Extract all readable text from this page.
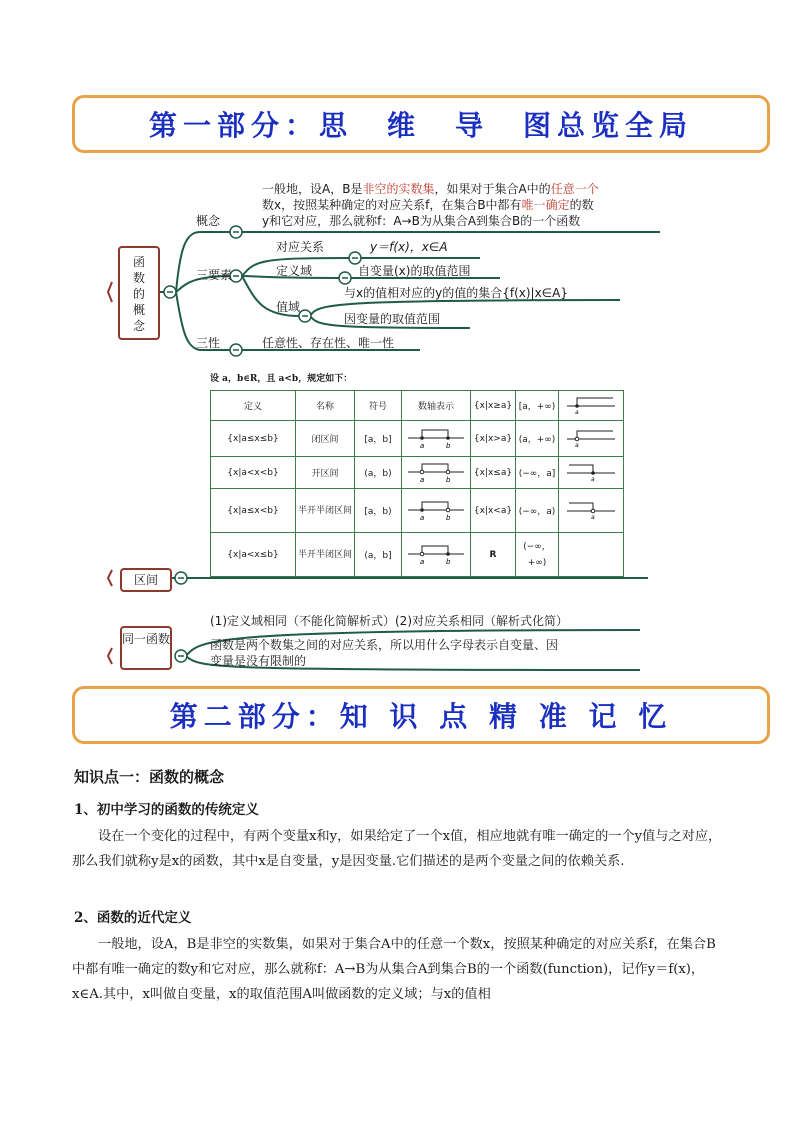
第一部分：思　维　导　图总览全局
函
数
的
概
念
概念
一般地，设A，B是非空的实数集，如果对于集合A中的任意一个
数x，按照某种确定的对应关系f，在集合B中都有唯一确定的数
y和它对应，那么就称f：A→B为从集合A到集合B的一个函数
三要素
对应关系	y＝f(x)，x∈A
定义域	自变量(x)的取值范围
值域
与x的值相对应的y的值的集合{f(x)|x∈A}
因变量的取值范围
三性	任意性、存在性、唯一性
设 a，b∈R，且 a<b，规定如下：
定义	名称	符号	数轴表示	{x|x≥a}	[a，+∞)	a

{x|a≤x≤b}	闭区间	[a，b]	a b	{x|x>a}	(a，+∞)	a

{x|a<x<b}	开区间	(a，b)	a b	{x|x≤a}	(−∞，a]	a

{x|a≤x<b}	半开半闭区间	[a，b)	a b	{x|x<a}	(−∞，a)	a

{x|a<x≤b}	半开半闭区间	(a，b]	a b	R	(−∞，+∞)	
区间
同一函数
(1)定义域相同（不能化简解析式）(2)对应关系相同（解析式化简）
函数是两个数集之间的对应关系，所以用什么字母表示自变量、因
变量是没有限制的
第二部分：知 识 点 精 准 记 忆
知识点一：函数的概念
1、初中学习的函数的传统定义
设在一个变化的过程中，有两个变量x和y，如果给定了一个x值，相应地就有唯一确定的一个y值与之对应，那么我们就称y是x的函数，其中x是自变量，y是因变量.它们描述的是两个变量之间的依赖关系.
2、函数的近代定义
一般地，设A，B是非空的实数集，如果对于集合A中的任意一个数x，按照某种确定的对应关系f，在集合B中都有唯一确定的数y和它对应，那么就称f：A→B为从集合A到集合B的一个函数(function)，记作y＝f(x)，x∈A.其中，x叫做自变量，x的取值范围A叫做函数的定义域；与x的值相
